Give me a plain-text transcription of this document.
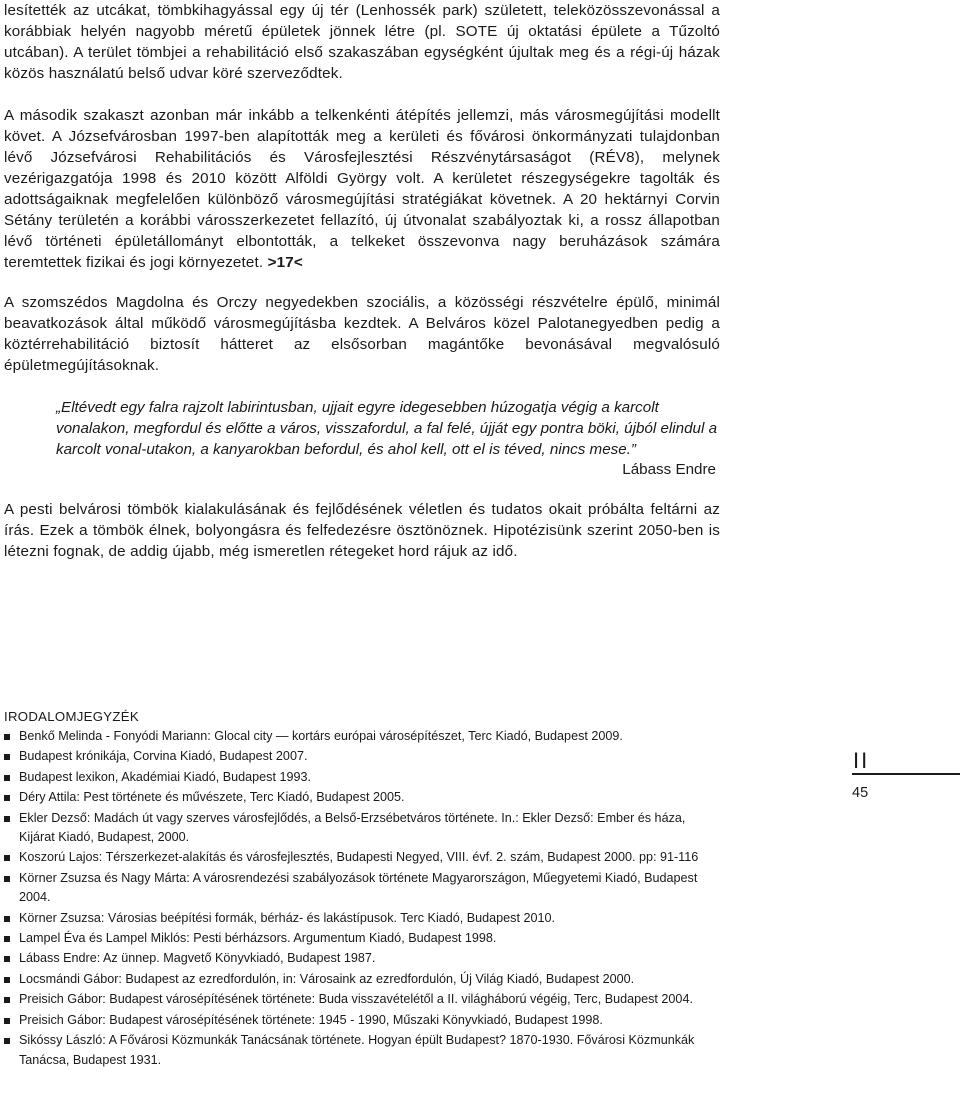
lesítették az utcákat, tömbkihagyással egy új tér (Lenhossék park) született, teleközösszevonással a korábbiak helyén nagyobb méretű épületek jönnek létre (pl. SOTE új oktatási épülete a Tűzoltó utcában). A terület tömbjei a rehabilitáció első szakaszában egységként újultak meg és a régi-új házak közös használatú belső udvar köré szerveződtek.

A második szakaszt azonban már inkább a telkenkénti átépítés jellemzi, más városmegújítási modellt követ. A Józsefvárosban 1997-ben alapították meg a kerületi és fővárosi önkormányzati tulajdonban lévő Józsefvárosi Rehabilitációs és Városfejlesztési Részvénytársaságot (RÉV8), melynek vezérigazgatója 1998 és 2010 között Alföldi György volt. A kerületet részegységekre tagolták és adottságaiknak megfelelően különböző városmegújítási stratégiákat követnek. A 20 hektárnyi Corvin Sétány területén a korábbi városszerkezetet fellazító, új útvonalat szabályoztak ki, a rossz állapotban lévő történeti épületállományt elbontották, a telkeket összevonva nagy beruházások számára teremtettek fizikai és jogi környezetet. >17<

A szomszédos Magdolna és Orczy negyedekben szociális, a közösségi részvételre épülő, minimál beavatkozások által működő városmegújításba kezdtek. A Belváros közel Palotanegyedben pedig a köztérrehabilitáció biztosít hátteret az elsősorban magántőke bevonásával megvalósuló épületmegújításoknak.

„Eltévedt egy falra rajzolt labirintusban, ujjait egyre idegesebben húzogatja végig a karcolt vonalakon, megfordul és előtte a város, visszafordul, a fal felé, újját egy pontra böki, újból elindul a karcolt vonal-utakon, a kanyarokban befordul, és ahol kell, ott el is téved, nincs mese.”

Lábass Endre

A pesti belvárosi tömbök kialakulásának és fejlődésének véletlen és tudatos okait próbálta feltárni az írás. Ezek a tömbök élnek, bolyongásra és felfedezésre ösztönöznek. Hipotézisünk szerint 2050-ben is létezni fognak, de addig újabb, még ismeretlen rétegeket hord rájuk az idő.

IRODALOMJEGYZÉK

Benkő Melinda - Fonyódi Mariann: Glocal city — kortárs európai városépítészet, Terc Kiadó, Budapest 2009.
Budapest krónikája, Corvina Kiadó, Budapest 2007.
Budapest lexikon, Akadémiai Kiadó, Budapest 1993.
Déry Attila: Pest története és művészete, Terc Kiadó, Budapest 2005.
Ekler Dezső: Madách út vagy szerves városfejlődés, a Belső-Erzsébetváros története. In.: Ekler Dezső: Ember és háza, Kijárat Kiadó, Budapest, 2000.
Koszorú Lajos: Térszerkezet-alakítás és városfejlesztés, Budapesti Negyed, VIII. évf. 2. szám, Budapest 2000. pp: 91-116
Körner Zsuzsa és Nagy Márta: A városrendezési szabályozások története Magyarországon, Műegyetemi Kiadó, Budapest 2004.
Körner Zsuzsa: Városias beépítési formák, bérház- és lakástípusok. Terc Kiadó, Budapest 2010.
Lampel Éva és Lampel Miklós: Pesti bérházsors. Argumentum Kiadó, Budapest 1998.
Lábass Endre: Az ünnep. Magvető Könyvkiadó, Budapest 1987.
Locsmándi Gábor: Budapest az ezredfordulón, in: Városaink az ezredfordulón, Új Világ Kiadó, Budapest 2000.
Preisich Gábor: Budapest városépítésének története: Buda visszavételétől a II. világháború végéig, Terc, Budapest 2004.
Preisich Gábor: Budapest városépítésének története: 1945 - 1990, Műszaki Könyvkiadó, Budapest 1998.
Sikóssy László: A Fővárosi Közmunkák Tanácsának története. Hogyan épült Budapest? 1870-1930. Fővárosi Közmunkák Tanácsa, Budapest 1931.
II
45
